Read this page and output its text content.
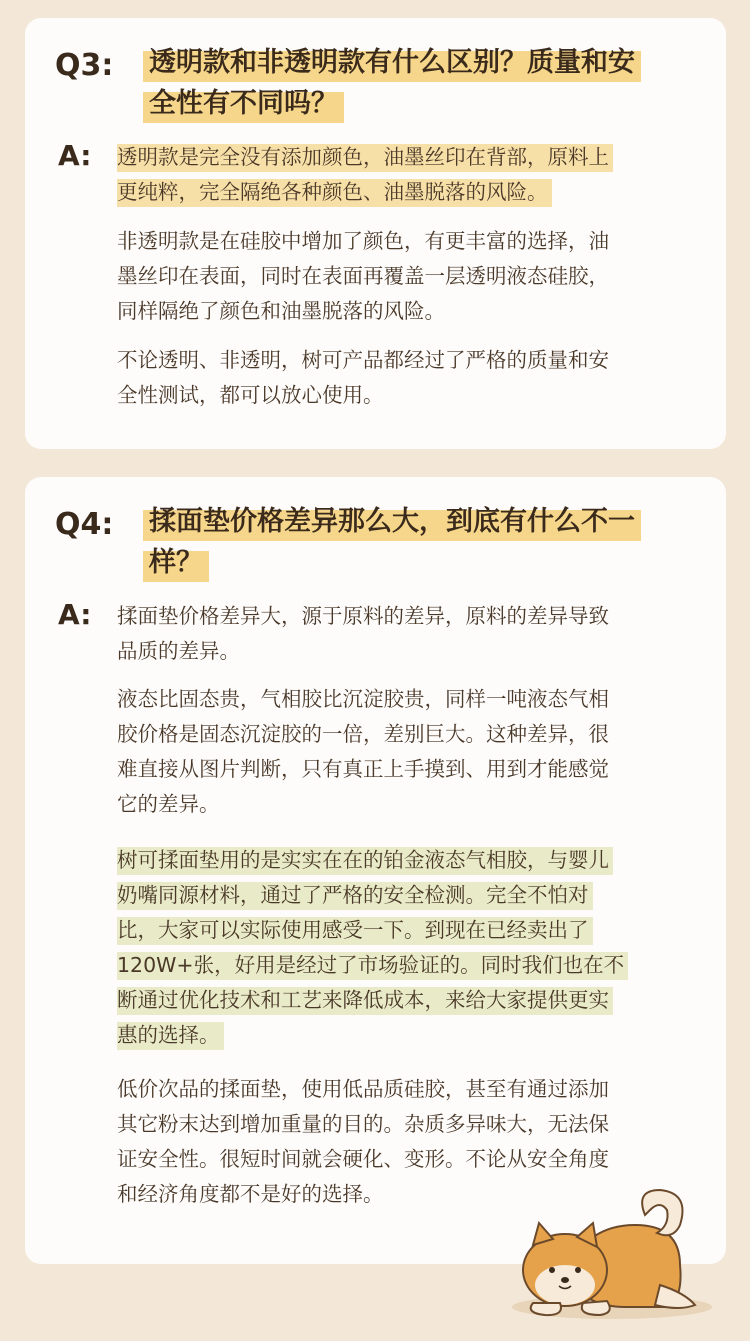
Q3: 透明款和非透明款有什么区别？质量和安
全性有不同吗？
A: 透明款是完全没有添加颜色，油墨丝印在背部，原料上
更纯粹，完全隔绝各种颜色、油墨脱落的风险。
非透明款是在硅胶中增加了颜色，有更丰富的选择，油
墨丝印在表面，同时在表面再覆盖一层透明液态硅胶，
同样隔绝了颜色和油墨脱落的风险。
不论透明、非透明，树可产品都经过了严格的质量和安
全性测试，都可以放心使用。
Q4: 揉面垫价格差异那么大，到底有什么不一
样？
A: 揉面垫价格差异大，源于原料的差异，原料的差异导致
品质的差异。
液态比固态贵，气相胶比沉淀胶贵，同样一吨液态气相
胶价格是固态沉淀胶的一倍，差别巨大。这种差异，很
难直接从图片判断，只有真正上手摸到、用到才能感觉
它的差异。
树可揉面垫用的是实实在在的铂金液态气相胶，与婴儿
奶嘴同源材料，通过了严格的安全检测。完全不怕对
比，大家可以实际使用感受一下。到现在已经卖出了
120W+张，好用是经过了市场验证的。同时我们也在不
断通过优化技术和工艺来降低成本，来给大家提供更实
惠的选择。
低价次品的揉面垫，使用低品质硅胶，甚至有通过添加
其它粉末达到增加重量的目的。杂质多异味大，无法保
证安全性。很短时间就会硬化、变形。不论从安全角度
和经济角度都不是好的选择。
